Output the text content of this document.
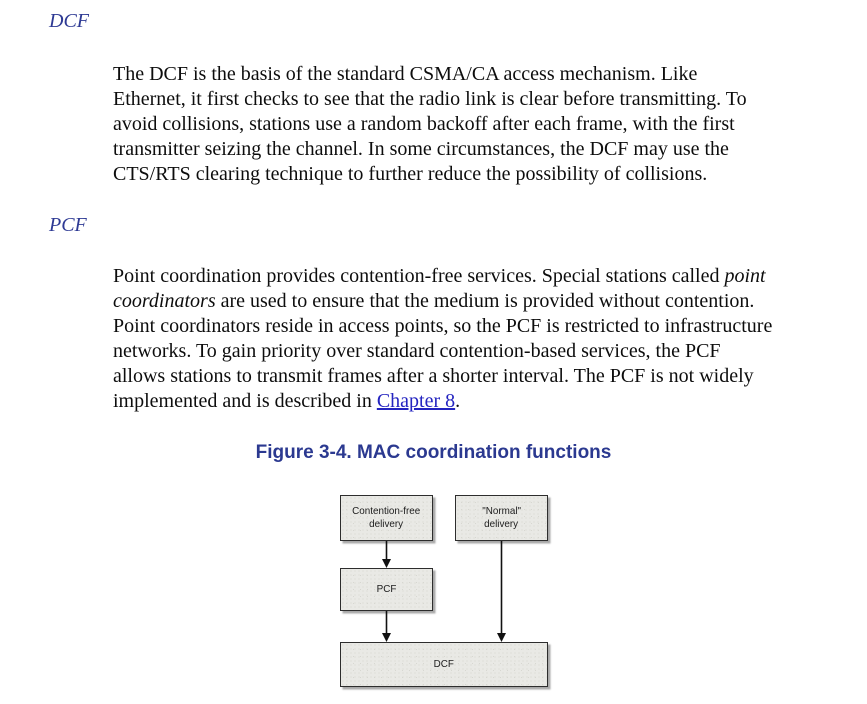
DCF
The DCF is the basis of the standard CSMA/CA access mechanism. Like
Ethernet, it first checks to see that the radio link is clear before transmitting. To
avoid collisions, stations use a random backoff after each frame, with the first
transmitter seizing the channel. In some circumstances, the DCF may use the
CTS/RTS clearing technique to further reduce the possibility of collisions.
PCF
Point coordination provides contention-free services. Special stations called point
coordinators are used to ensure that the medium is provided without contention.
Point coordinators reside in access points, so the PCF is restricted to infrastructure
networks. To gain priority over standard contention-based services, the PCF
allows stations to transmit frames after a shorter interval. The PCF is not widely
implemented and is described in Chapter 8.
Figure 3-4. MAC coordination functions
Contention-free
delivery
"Normal"
delivery
PCF
DCF
